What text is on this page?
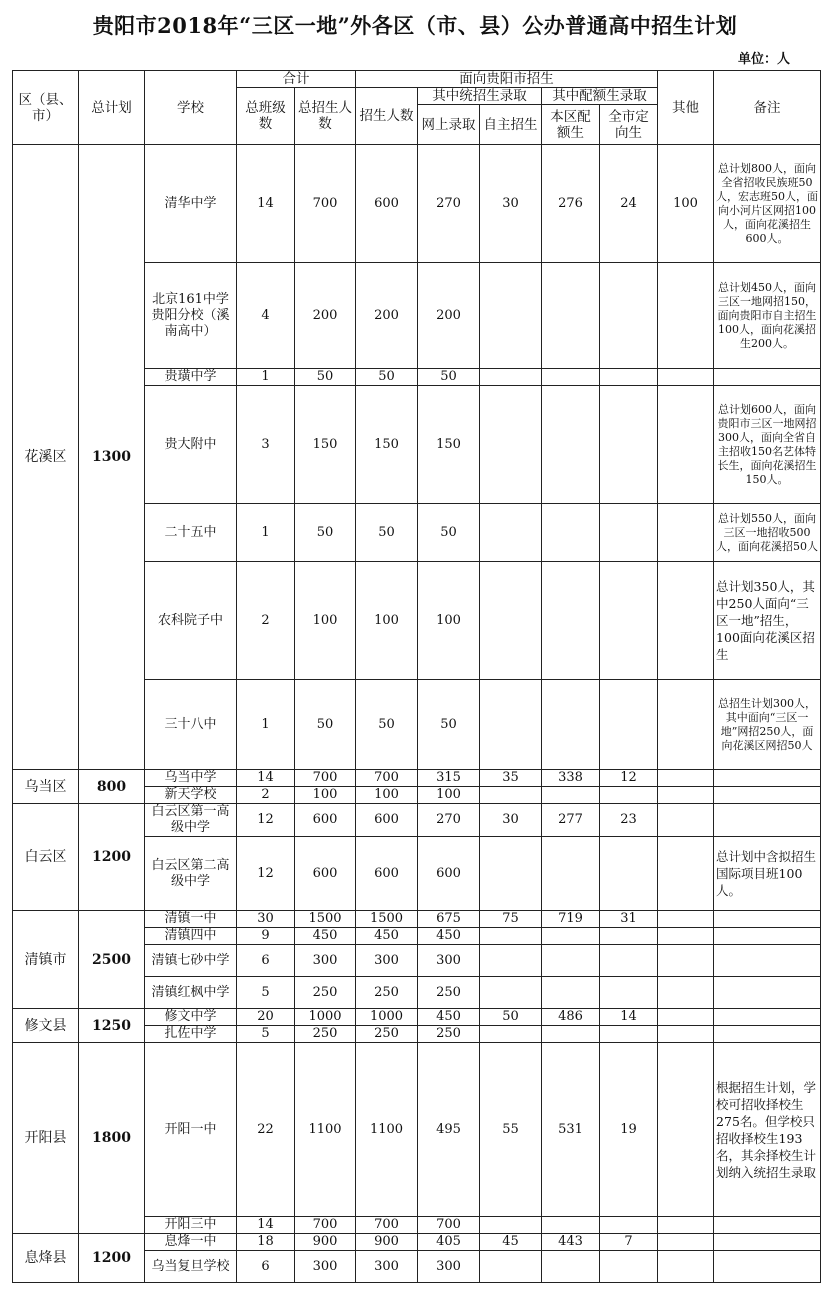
贵阳市2018年“三区一地”外各区（市、县）公办普通高中招生计划
单位：人
区（县、市）	总计划	学校	合计		面向贵阳市招生					其他	备注
			总班级数	总招生人数	招生人数	其中统招生录取		其中配额生录取			
						网上录取	自主招生	本区配额生	全市定向生		
花溪区	1300	清华中学	14	700	600	270	30	276	24	100	总计划800人，面向全省招收民族班50人，宏志班50人，面向小河片区网招100人，面向花溪招生600人。
		北京161中学贵阳分校（溪南高中）	4	200	200	200					总计划450人，面向三区一地网招150，面向贵阳市自主招生100人，面向花溪招生200人。
		贵璜中学	1	50	50	50					
		贵大附中	3	150	150	150					总计划600人，面向贵阳市三区一地网招300人，面向全省自主招收150名艺体特长生，面向花溪招生150人。
		二十五中	1	50	50	50					总计划550人，面向三区一地招收500人，面向花溪招50人
		农科院子中	2	100	100	100					总计划350人，其中250人面向“三区一地”招生，100面向花溪区招生
		三十八中	1	50	50	50					总招生计划300人，其中面向“三区一地”网招250人，面向花溪区网招50人
乌当区	800	乌当中学	14	700	700	315	35	338	12		
		新天学校	2	100	100	100					
白云区	1200	白云区第一高级中学	12	600	600	270	30	277	23		
		白云区第二高级中学	12	600	600	600					总计划中含拟招生国际项目班100人。
清镇市	2500	清镇一中	30	1500	1500	675	75	719	31		
		清镇四中	9	450	450	450					
		清镇七砂中学	6	300	300	300					
		清镇红枫中学	5	250	250	250					
修文县	1250	修文中学	20	1000	1000	450	50	486	14		
		扎佐中学	5	250	250	250					
开阳县	1800	开阳一中	22	1100	1100	495	55	531	19		根据招生计划，学校可招收择校生275名。但学校只招收择校生193名，其余择校生计划纳入统招生录取
		开阳三中	14	700	700	700					
息烽县	1200	息烽一中	18	900	900	405	45	443	7		
		乌当复旦学校	6	300	300	300					
